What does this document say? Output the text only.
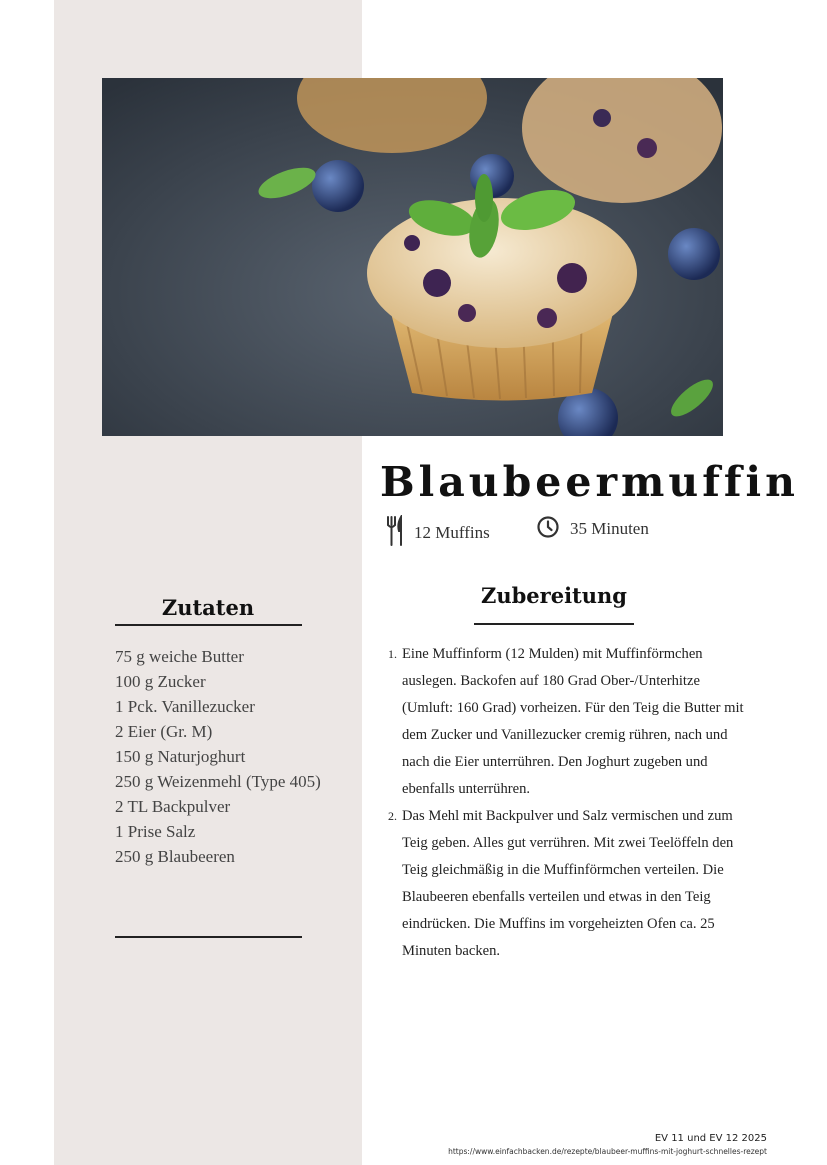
Blaubeermuffin
12 Muffins	35 Minuten
Zutaten
75 g weiche Butter
100 g Zucker
1 Pck. Vanillezucker
2 Eier (Gr. M)
150 g Naturjoghurt
250 g Weizenmehl (Type 405)
2 TL Backpulver
1 Prise Salz
250 g Blaubeeren
Zubereitung
1. Eine Muffinform (12 Mulden) mit Muffinförmchen auslegen. Backofen auf 180 Grad Ober-/Unterhitze (Umluft: 160 Grad) vorheizen. Für den Teig die Butter mit dem Zucker und Vanillezucker cremig rühren, nach und nach die Eier unterrühren. Den Joghurt zugeben und ebenfalls unterrühren.
2. Das Mehl mit Backpulver und Salz vermischen und zum Teig geben. Alles gut verrühren. Mit zwei Teelöffeln den Teig gleichmäßig in die Muffinförmchen verteilen. Die Blaubeeren ebenfalls verteilen und etwas in den Teig eindrücken. Die Muffins im vorgeheizten Ofen ca. 25 Minuten backen.
EV 11 und EV 12 2025
https://www.einfachbacken.de/rezepte/blaubeer-muffins-mit-joghurt-schnelles-rezept
